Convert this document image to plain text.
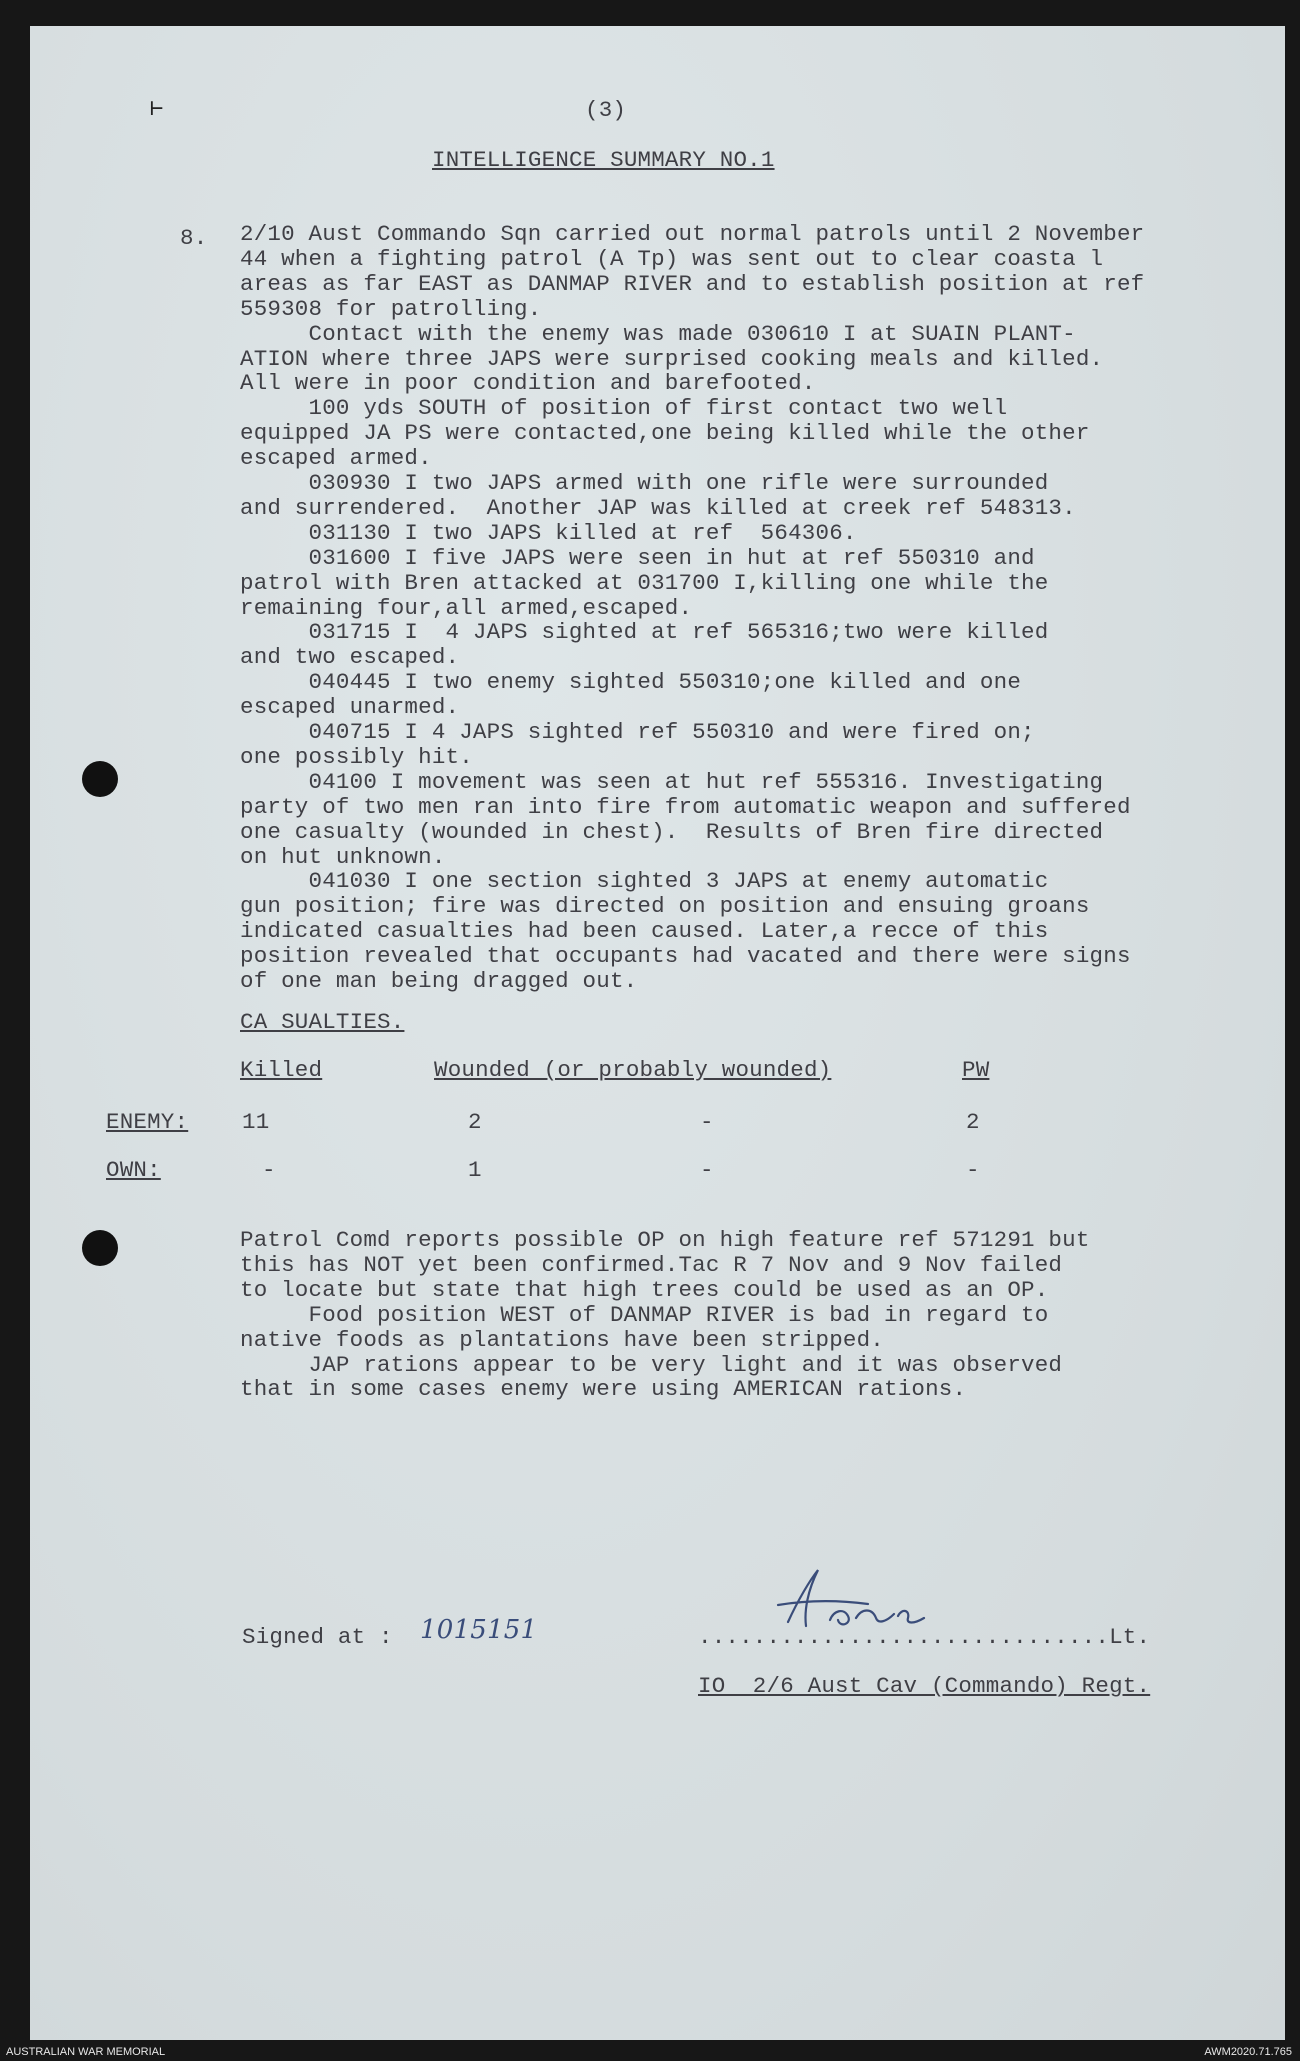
⊢	(3)
INTELLIGENCE SUMMARY NO.1
8. 2/10 Aust Commando Sqn carried out normal patrols until 2 November
44 when a fighting patrol (A Tp) was sent out to clear coasta l
areas as far EAST as DANMAP RIVER and to establish position at ref
559308 for patrolling.
Contact with the enemy was made 030610 I at SUAIN PLANT-
ATION where three JAPS were surprised cooking meals and killed.
All were in poor condition and barefooted.
100 yds SOUTH of position of first contact two well
equipped JA PS were contacted,one being killed while the other
escaped armed.
030930 I two JAPS armed with one rifle were surrounded
and surrendered.  Another JAP was killed at creek ref 548313.
031130 I two JAPS killed at ref  564306.
031600 I five JAPS were seen in hut at ref 550310 and
patrol with Bren attacked at 031700 I,killing one while the
remaining four,all armed,escaped.
031715 I  4 JAPS sighted at ref 565316;two were killed
and two escaped.
040445 I two enemy sighted 550310;one killed and one
escaped unarmed.
040715 I 4 JAPS sighted ref 550310 and were fired on;
one possibly hit.
04100 I movement was seen at hut ref 555316. Investigating
party of two men ran into fire from automatic weapon and suffered
one casualty (wounded in chest).  Results of Bren fire directed
on hut unknown.
041030 I one section sighted 3 JAPS at enemy automatic
gun position; fire was directed on position and ensuing groans
indicated casualties had been caused. Later,a recce of this
position revealed that occupants had vacated and there were signs
of one man being dragged out.
CA SUALTIES.
Killed	Wounded (or probably wounded)	PW
ENEMY: 11	2	-	2
OWN:	-	1	-	-
Patrol Comd reports possible OP on high feature ref 571291 but
this has NOT yet been confirmed.Tac R 7 Nov and 9 Nov failed
to locate but state that high trees could be used as an OP.
Food position WEST of DANMAP RIVER is bad in regard to
native foods as plantations have been stripped.
JAP rations appear to be very light and it was observed
that in some cases enemy were using AMERICAN rations.
Signed at : 1015151	..............................Lt.
IO  2/6 Aust Cav (Commando) Regt.
AUSTRALIAN WAR MEMORIAL	AWM2020.71.765
